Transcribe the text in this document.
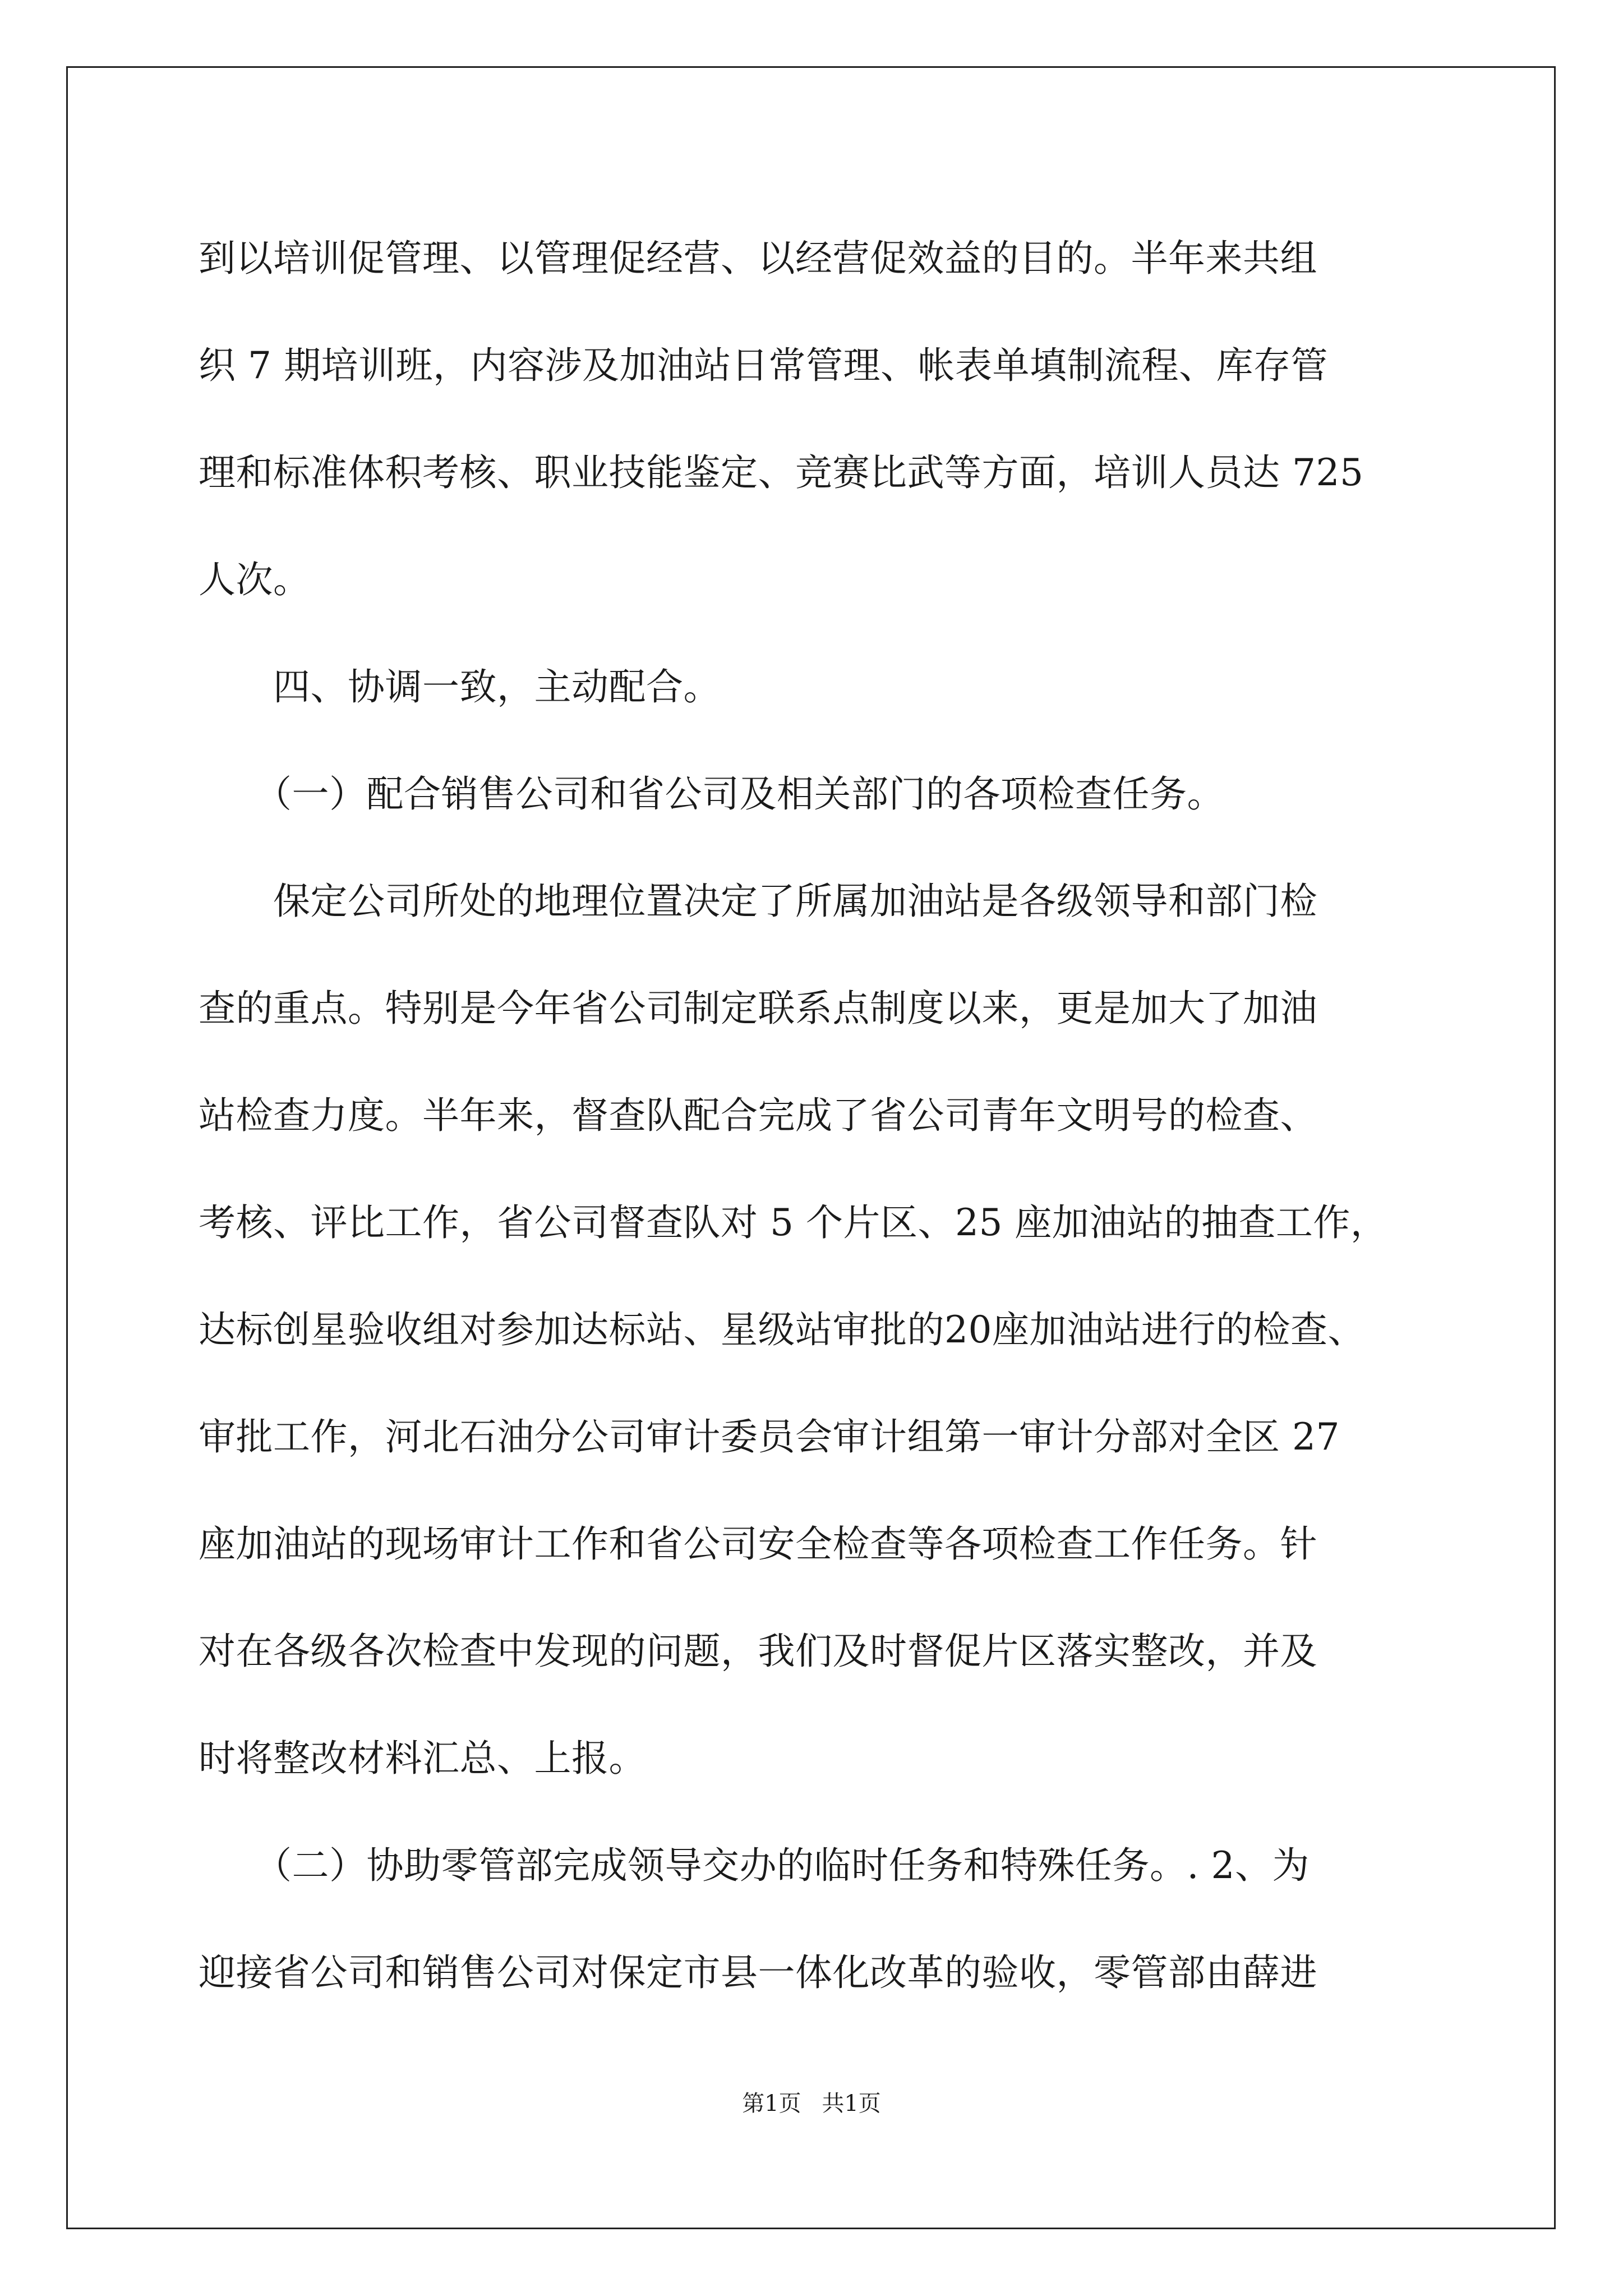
到以培训促管理、以管理促经营、以经营促效益的目的。半年来共组
织 7 期培训班，内容涉及加油站日常管理、帐表单填制流程、库存管
理和标准体积考核、职业技能鉴定、竞赛比武等方面，培训人员达 725
人次。
　　四、协调一致，主动配合。
　　（一）配合销售公司和省公司及相关部门的各项检查任务。
　　保定公司所处的地理位置决定了所属加油站是各级领导和部门检
查的重点。特别是今年省公司制定联系点制度以来，更是加大了加油
站检查力度。半年来，督查队配合完成了省公司青年文明号的检查、
考核、评比工作，省公司督查队对 5 个片区、25 座加油站的抽查工作，
达标创星验收组对参加达标站、星级站审批的20座加油站进行的检查、
审批工作，河北石油分公司审计委员会审计组第一审计分部对全区 27
座加油站的现场审计工作和省公司安全检查等各项检查工作任务。针
对在各级各次检查中发现的问题，我们及时督促片区落实整改，并及
时将整改材料汇总、上报。
　　（二）协助零管部完成领导交办的临时任务和特殊任务。. 2、为
迎接省公司和销售公司对保定市县一体化改革的验收，零管部由薛进
第1页 共1页
